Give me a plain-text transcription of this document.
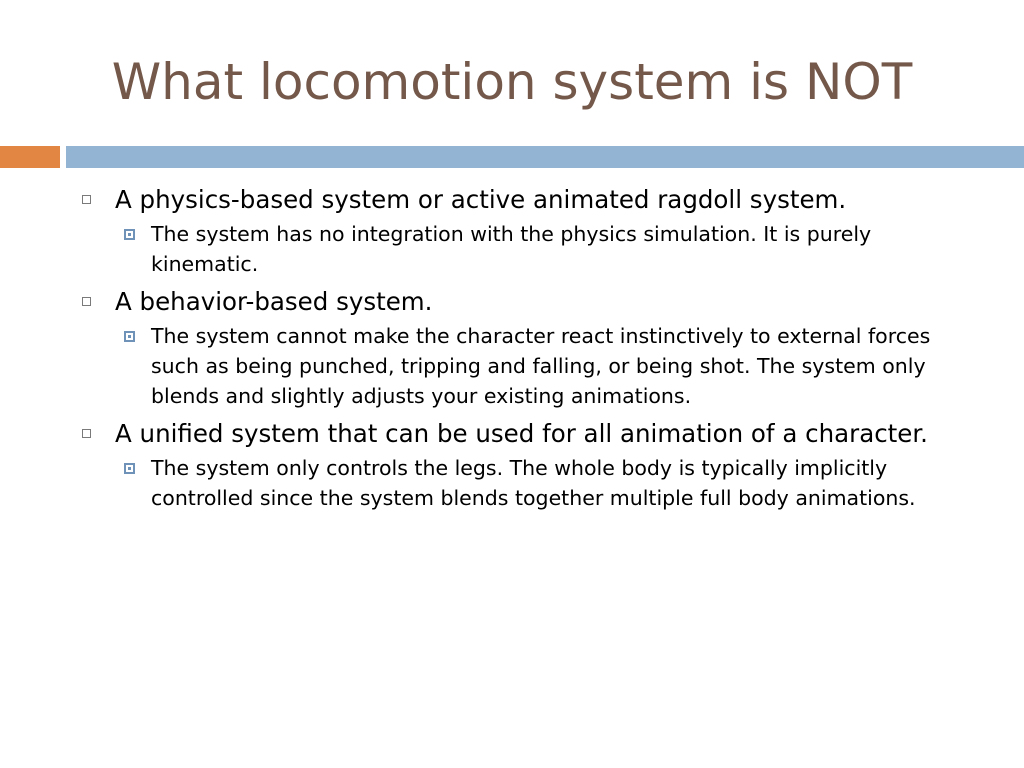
What locomotion system is NOT
A physics-based system or active animated ragdoll system.
The system has no integration with the physics simulation. It is purely kinematic.
A behavior-based system.
The system cannot make the character react instinctively to external forces such as being punched, tripping and falling, or being shot. The system only blends and slightly adjusts your existing animations.
A unified system that can be used for all animation of a character.
The system only controls the legs. The whole body is typically implicitly controlled since the system blends together multiple full body animations.
